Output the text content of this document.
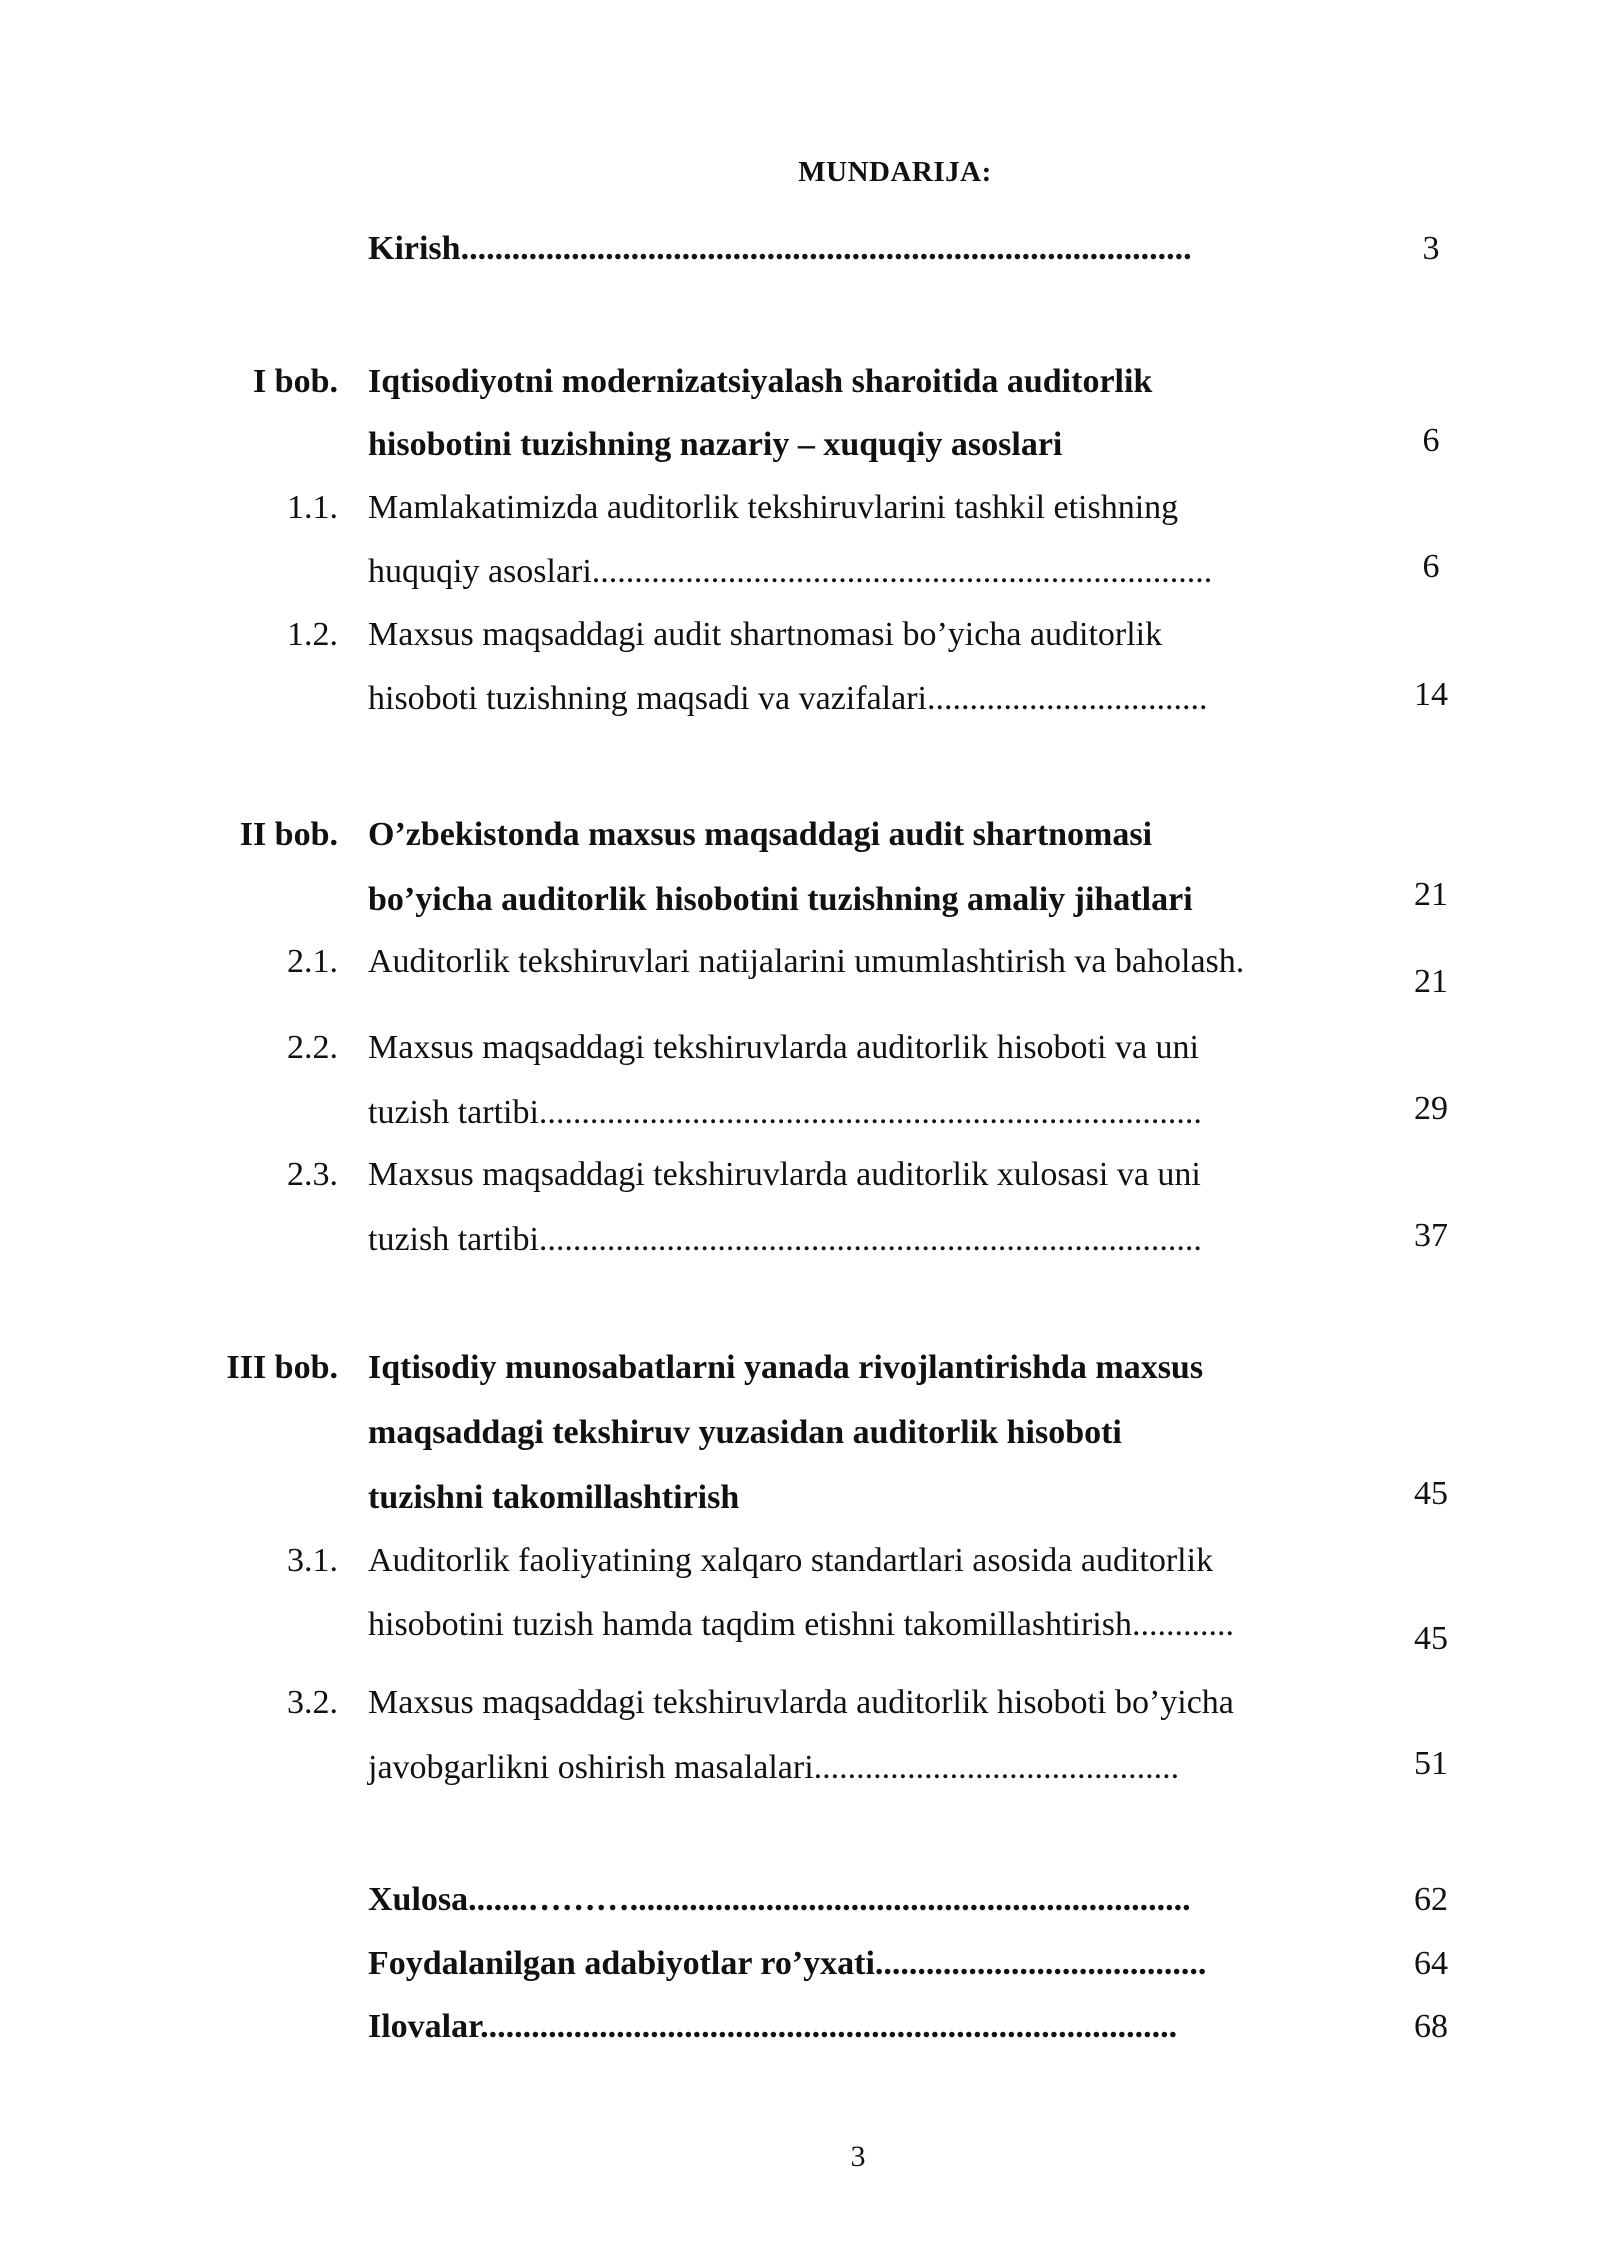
MUNDARIJA:
Kirish......................................................................................	3
I bob. Iqtisodiyotni modernizatsiyalash sharoitida auditorlik
hisobotini tuzishning nazariy – xuquqiy asoslari	6
1.1. Mamlakatimizda auditorlik tekshiruvlarini tashkil etishning
huquqiy asoslari.........................................................................	6
1.2. Maxsus maqsaddagi audit shartnomasi bo’yicha auditorlik
hisoboti tuzishning maqsadi va vazifalari.................................	14
II bob. O’zbekistonda maxsus maqsaddagi audit shartnomasi
bo’yicha auditorlik hisobotini tuzishning amaliy jihatlari	21
2.1. Auditorlik tekshiruvlari natijalarini umumlashtirish va baholash.
21
2.2. Maxsus maqsaddagi tekshiruvlarda auditorlik hisoboti va uni
tuzish tartibi..............................................................................	29
2.3. Maxsus maqsaddagi tekshiruvlarda auditorlik xulosasi va uni
tuzish tartibi..............................................................................	37
III bob. Iqtisodiy munosabatlarni yanada rivojlantirishda maxsus
maqsaddagi tekshiruv yuzasidan auditorlik hisoboti
tuzishni takomillashtirish	45
3.1. Auditorlik faoliyatining xalqaro standartlari asosida auditorlik
hisobotini tuzish hamda taqdim etishni takomillashtirish............	45
3.2. Maxsus maqsaddagi tekshiruvlarda auditorlik hisoboti bo’yicha
javobgarlikni oshirish masalalari...........................................	51
Xulosa.......………..................................................................	62
Foydalanilgan adabiyotlar ro’yxati.......................................	64
Ilovalar..................................................................................	68
3
